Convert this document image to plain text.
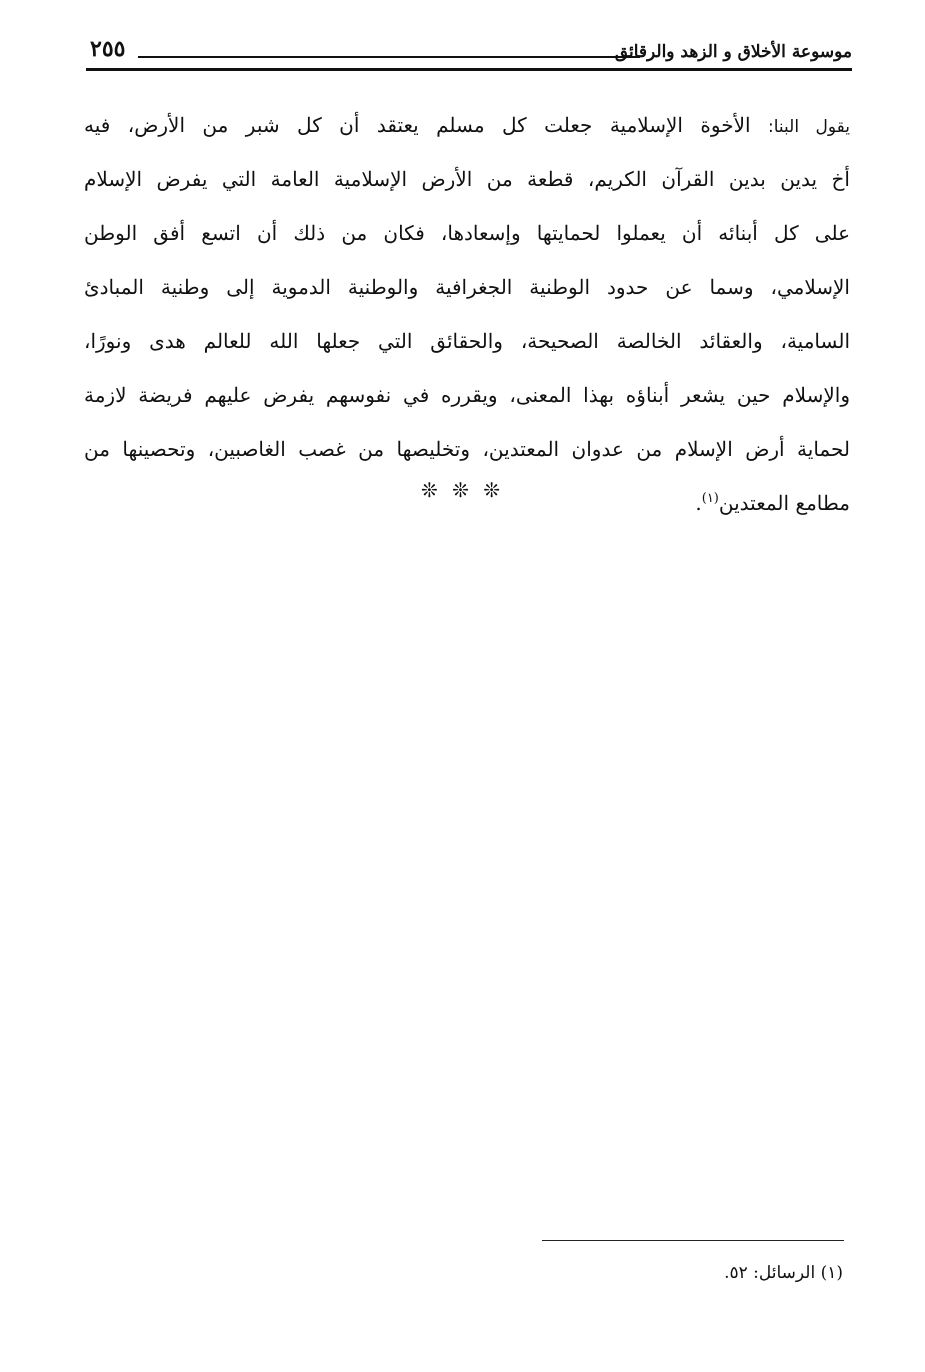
٢٥٥	موسوعة الأخلاق و الزهد والرقائق
يقول البنا: الأخوة الإسلامية جعلت كل مسلم يعتقد أن كل شبر من الأرض، فيه
أخ يدين بدين القرآن الكريم، قطعة من الأرض الإسلامية العامة التي يفرض الإسلام
على كل أبنائه أن يعملوا لحمايتها وإسعادها، فكان من ذلك أن اتسع أفق الوطن
الإسلامي، وسما عن حدود الوطنية الجغرافية والوطنية الدموية إلى وطنية المبادئ
السامية، والعقائد الخالصة الصحيحة، والحقائق التي جعلها الله للعالم هدى ونورًا،
والإسلام حين يشعر أبناؤه بهذا المعنى، ويقرره في نفوسهم يفرض عليهم فريضة لازمة
لحماية أرض الإسلام من عدوان المعتدين، وتخليصها من غصب الغاصبين، وتحصينها من
مطامع المعتدين$^{(١)}$.
❊ ❊ ❊
(١) الرسائل: ٥٢.
